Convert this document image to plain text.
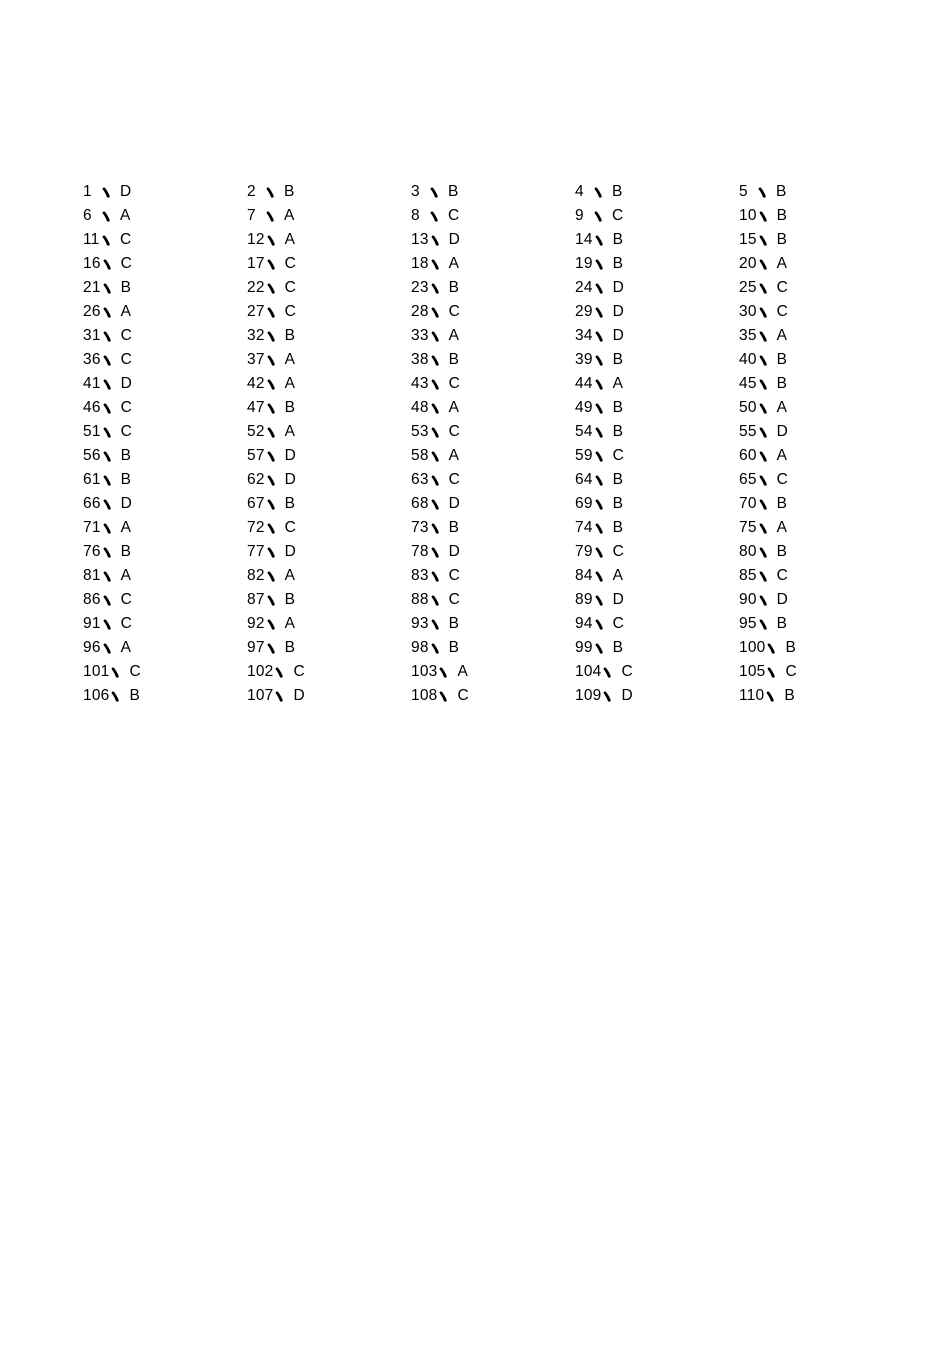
1 D	2 B	3 B	4 B	5 B
6 A	7 A	8 C	9 C	10 B
11 C	12 A	13 D	14 B	15 B
16 C	17 C	18 A	19 B	20 A
21 B	22 C	23 B	24 D	25 C
26 A	27 C	28 C	29 D	30 C
31 C	32 B	33 A	34 D	35 A
36 C	37 A	38 B	39 B	40 B
41 D	42 A	43 C	44 A	45 B
46 C	47 B	48 A	49 B	50 A
51 C	52 A	53 C	54 B	55 D
56 B	57 D	58 A	59 C	60 A
61 B	62 D	63 C	64 B	65 C
66 D	67 B	68 D	69 B	70 B
71 A	72 C	73 B	74 B	75 A
76 B	77 D	78 D	79 C	80 B
81 A	82 A	83 C	84 A	85 C
86 C	87 B	88 C	89 D	90 D
91 C	92 A	93 B	94 C	95 B
96 A	97 B	98 B	99 B	100 B
101 C	102 C	103 A	104 C	105 C
106 B	107 D	108 C	109 D	110 B
